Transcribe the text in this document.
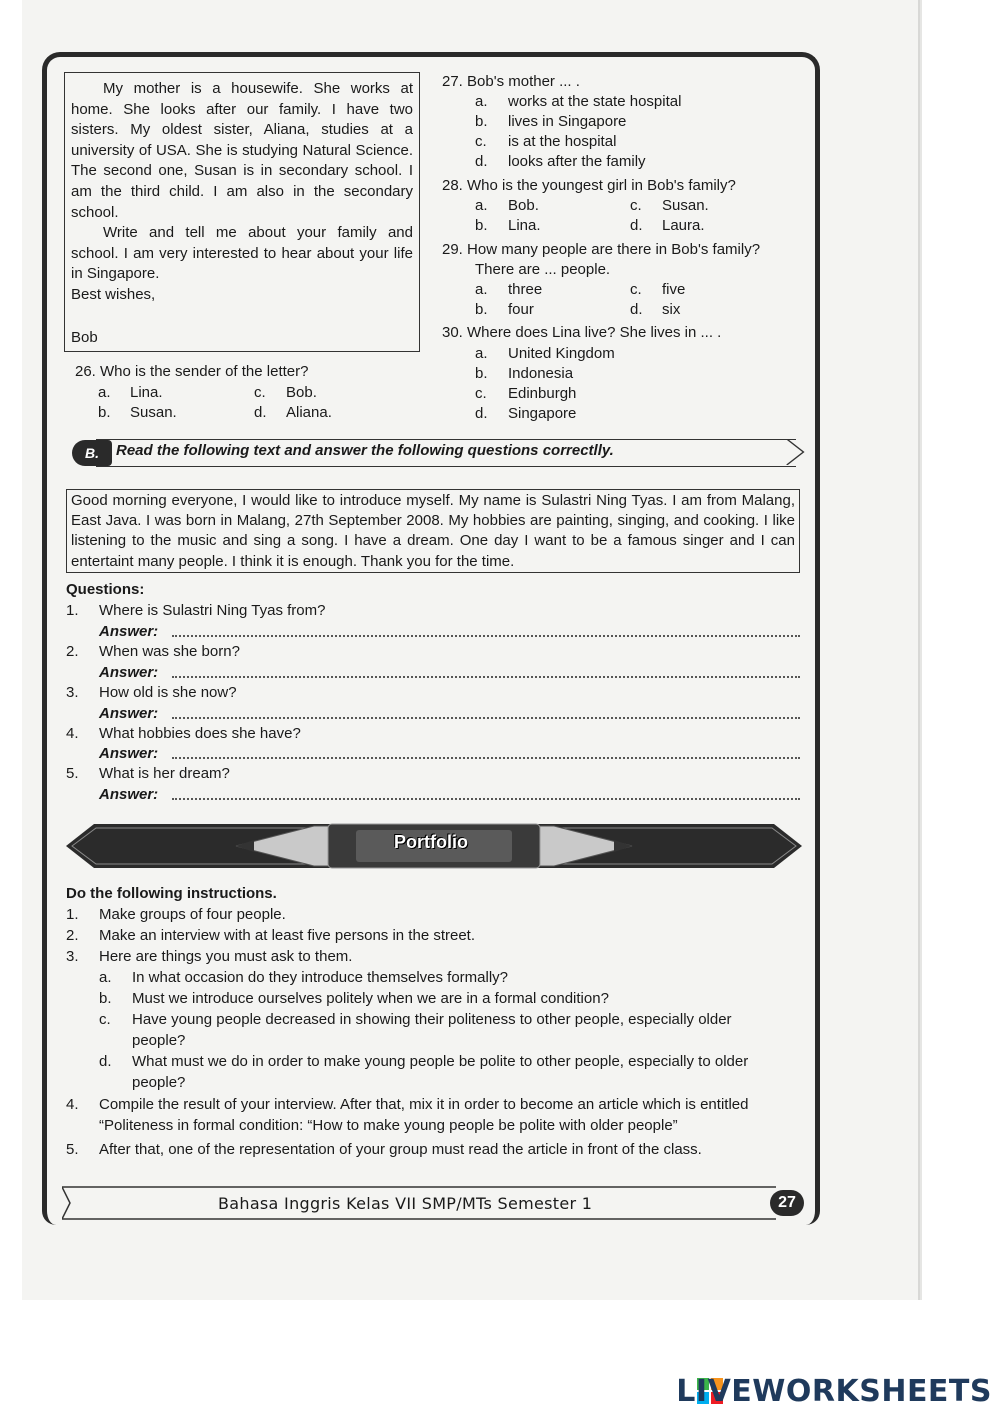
My mother is a housewife. She works at home. She looks after our family. I have two sisters. My oldest sister, Aliana, studies at a university of USA. She is studying Natural Science. The second one, Susan is in secondary school. I am the third child. I am also in the secondary school.

Write and tell me about your family and school. I am very interested to hear about your life in Singapore.

Best wishes,

Bob
26. Who is the sender of the letter?
a. Lina.
b. Susan.
c. Bob.
d. Aliana.
27. Bob's mother ... .
a. works at the state hospital
b. lives in Singapore
c. is at the hospital
d. looks after the family
28. Who is the youngest girl in Bob's family?
a. Bob.
b. Lina.
c. Susan.
d. Laura.
29. How many people are there in Bob's family?
There are ... people.
a. three
b. four
c. five
d. six
30. Where does Lina live? She lives in ... .
a. United Kingdom
b. Indonesia
c. Edinburgh
d. Singapore
B.	Read the following text and answer the following questions correctlly.
Good morning everyone, I would like to introduce myself. My name is Sulastri Ning Tyas. I am from Malang, East Java. I was born in Malang, 27th September 2008. My hobbies are painting, singing, and cooking. I like listening to the music and sing a song. I have a dream. One day I want to be a famous singer and I can entertaint many people. I think it is enough. Thank you for the time.
Questions:
1. Where is Sulastri Ning Tyas from?
Answer:
2. When was she born?
Answer:
3. How old is she now?
Answer:
4. What hobbies does she have?
Answer:
5. What is her dream?
Answer:
Portfolio
Do the following instructions.
1. Make groups of four people.
2. Make an interview with at least five persons in the street.
3. Here are things you must ask to them.
a. In what occasion do they introduce themselves formally?
b. Must we introduce ourselves politely when we are in a formal condition?
c. Have young people decreased in showing their politeness to other people, especially older
people?
d. What must we do in order to make young people be polite to other people, especially to older
people?
4. Compile the result of your interview. After that, mix it in order to become an article which is entitled
“Politeness in formal condition: “How to make young people be polite with older people”
5. After that, one of the representation of your group must read the article in front of the class.
Bahasa Inggris Kelas VII SMP/MTs Semester 1	27
LIVEWORKSHEETS
